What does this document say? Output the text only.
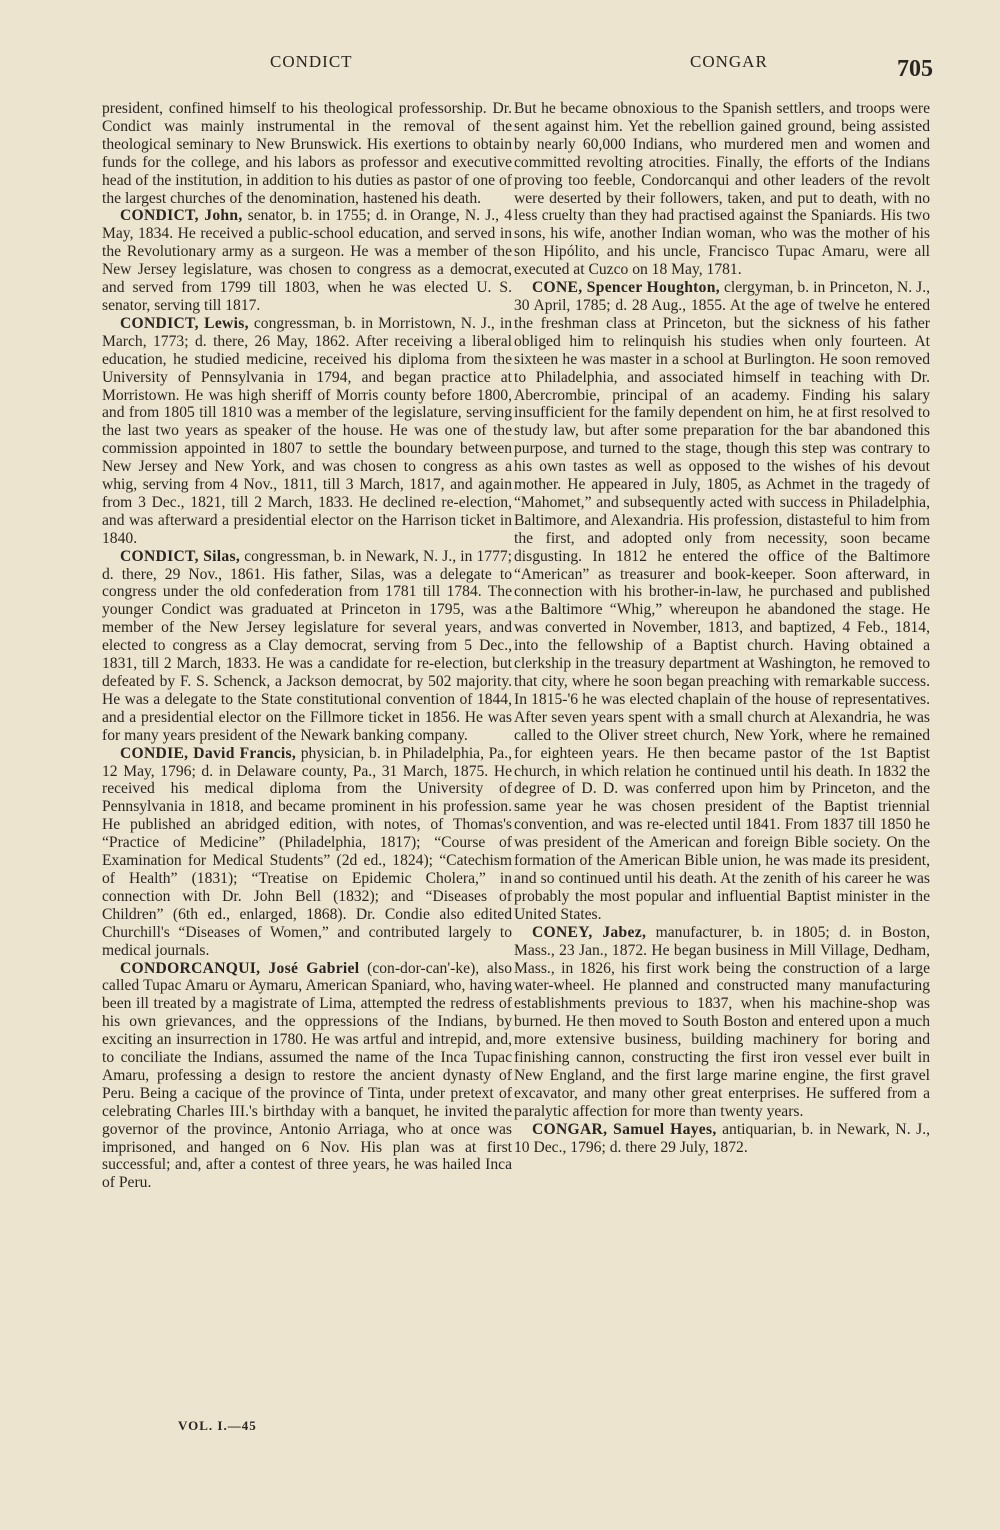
CONDICT	CONGAR	705

president, confined himself to his theological professorship. Dr. Condict was mainly instrumental in the removal of the theological seminary to New Brunswick. His exertions to obtain funds for the college, and his labors as professor and executive head of the institution, in addition to his duties as pastor of one of the largest churches of the denomination, hastened his death.

CONDICT, John, senator, b. in 1755; d. in Orange, N. J., 4 May, 1834. He received a public-school education, and served in the Revolutionary army as a surgeon. He was a member of the New Jersey legislature, was chosen to congress as a democrat, and served from 1799 till 1803, when he was elected U. S. senator, serving till 1817.

CONDICT, Lewis, congressman, b. in Morristown, N. J., in March, 1773; d. there, 26 May, 1862. After receiving a liberal education, he studied medicine, received his diploma from the University of Pennsylvania in 1794, and began practice at Morristown. He was high sheriff of Morris county before 1800, and from 1805 till 1810 was a member of the legislature, serving the last two years as speaker of the house. He was one of the commission appointed in 1807 to settle the boundary between New Jersey and New York, and was chosen to congress as a whig, serving from 4 Nov., 1811, till 3 March, 1817, and again from 3 Dec., 1821, till 2 March, 1833. He declined re-election, and was afterward a presidential elector on the Harrison ticket in 1840.

CONDICT, Silas, congressman, b. in Newark, N. J., in 1777; d. there, 29 Nov., 1861. His father, Silas, was a delegate to congress under the old confederation from 1781 till 1784. The younger Condict was graduated at Princeton in 1795, was a member of the New Jersey legislature for several years, and elected to congress as a Clay democrat, serving from 5 Dec., 1831, till 2 March, 1833. He was a candidate for re-election, but defeated by F. S. Schenck, a Jackson democrat, by 502 majority. He was a delegate to the State constitutional convention of 1844, and a presidential elector on the Fillmore ticket in 1856. He was for many years president of the Newark banking company.

CONDIE, David Francis, physician, b. in Philadelphia, Pa., 12 May, 1796; d. in Delaware county, Pa., 31 March, 1875. He received his medical diploma from the University of Pennsylvania in 1818, and became prominent in his profession. He published an abridged edition, with notes, of Thomas's “Practice of Medicine” (Philadelphia, 1817); “Course of Examination for Medical Students” (2d ed., 1824); “Catechism of Health” (1831); “Treatise on Epidemic Cholera,” in connection with Dr. John Bell (1832); and “Diseases of Children” (6th ed., enlarged, 1868). Dr. Condie also edited Churchill's “Diseases of Women,” and contributed largely to medical journals.

CONDORCANQUI, José Gabriel (con-dor-can'-ke), also called Tupac Amaru or Aymaru, American Spaniard, who, having been ill treated by a magistrate of Lima, attempted the redress of his own grievances, and the oppressions of the Indians, by exciting an insurrection in 1780. He was artful and intrepid, and, to conciliate the Indians, assumed the name of the Inca Tupac Amaru, professing a design to restore the ancient dynasty of Peru. Being a cacique of the province of Tinta, under pretext of celebrating Charles III.'s birthday with a banquet, he invited the governor of the province, Antonio Arriaga, who at once was imprisoned, and hanged on 6 Nov. His plan was at first successful; and, after a contest of three years, he was hailed Inca of Peru.

But he became obnoxious to the Spanish settlers, and troops were sent against him. Yet the rebellion gained ground, being assisted by nearly 60,000 Indians, who murdered men and women and committed revolting atrocities. Finally, the efforts of the Indians proving too feeble, Condorcanqui and other leaders of the revolt were deserted by their followers, taken, and put to death, with no less cruelty than they had practised against the Spaniards. His two sons, his wife, another Indian woman, who was the mother of his son Hipólito, and his uncle, Francisco Tupac Amaru, were all executed at Cuzco on 18 May, 1781.

CONE, Spencer Houghton, clergyman, b. in Princeton, N. J., 30 April, 1785; d. 28 Aug., 1855. At the age of twelve he entered the freshman class at Princeton, but the sickness of his father obliged him to relinquish his studies when only fourteen. At sixteen he was master in a school at Burlington. He soon removed to Philadelphia, and associated himself in teaching with Dr. Abercrombie, principal of an academy. Finding his salary insufficient for the family dependent on him, he at first resolved to study law, but after some preparation for the bar abandoned this purpose, and turned to the stage, though this step was contrary to his own tastes as well as opposed to the wishes of his devout mother. He appeared in July, 1805, as Achmet in the tragedy of “Mahomet,” and subsequently acted with success in Philadelphia, Baltimore, and Alexandria. His profession, distasteful to him from the first, and adopted only from necessity, soon became disgusting. In 1812 he entered the office of the Baltimore “American” as treasurer and book-keeper. Soon afterward, in connection with his brother-in-law, he purchased and published the Baltimore “Whig,” whereupon he abandoned the stage. He was converted in November, 1813, and baptized, 4 Feb., 1814, into the fellowship of a Baptist church. Having obtained a clerkship in the treasury department at Washington, he removed to that city, where he soon began preaching with remarkable success. In 1815-'6 he was elected chaplain of the house of representatives. After seven years spent with a small church at Alexandria, he was called to the Oliver street church, New York, where he remained for eighteen years. He then became pastor of the 1st Baptist church, in which relation he continued until his death. In 1832 the degree of D. D. was conferred upon him by Princeton, and the same year he was chosen president of the Baptist triennial convention, and was re-elected until 1841. From 1837 till 1850 he was president of the American and foreign Bible society. On the formation of the American Bible union, he was made its president, and so continued until his death. At the zenith of his career he was probably the most popular and influential Baptist minister in the United States.

CONEY, Jabez, manufacturer, b. in 1805; d. in Boston, Mass., 23 Jan., 1872. He began business in Mill Village, Dedham, Mass., in 1826, his first work being the construction of a large water-wheel. He planned and constructed many manufacturing establishments previous to 1837, when his machine-shop was burned. He then moved to South Boston and entered upon a much more extensive business, building machinery for boring and finishing cannon, constructing the first iron vessel ever built in New England, and the first large marine engine, the first gravel excavator, and many other great enterprises. He suffered from a paralytic affection for more than twenty years.

CONGAR, Samuel Hayes, antiquarian, b. in Newark, N. J., 10 Dec., 1796; d. there 29 July, 1872.

VOL. I.—45
